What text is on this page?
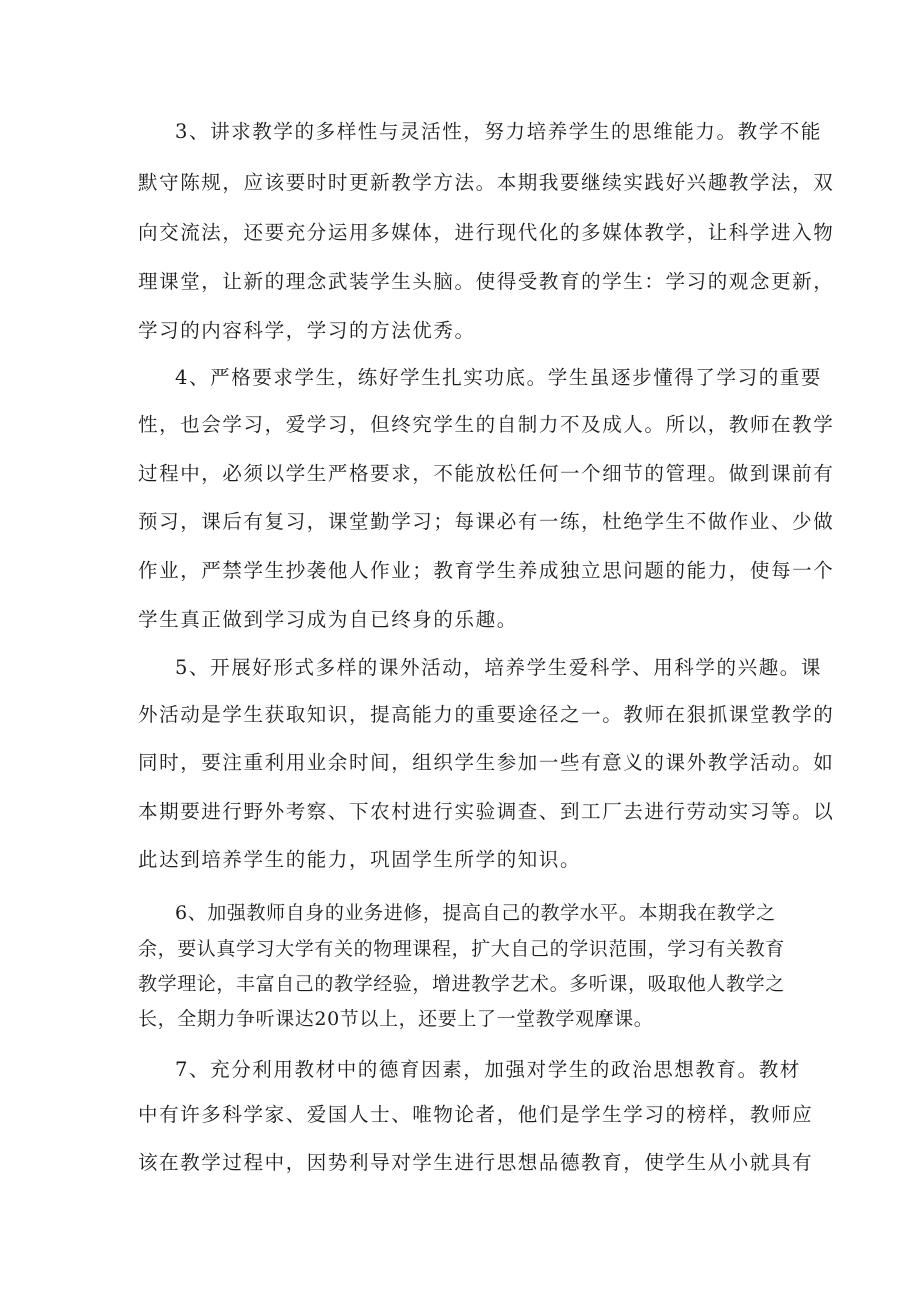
3、讲求教学的多样性与灵活性，努力培养学生的思维能力。教学不能

默守陈规，应该要时时更新教学方法。本期我要继续实践好兴趣教学法，双

向交流法，还要充分运用多媒体，进行现代化的多媒体教学，让科学进入物

理课堂，让新的理念武装学生头脑。使得受教育的学生：学习的观念更新，

学习的内容科学，学习的方法优秀。

4、严格要求学生，练好学生扎实功底。学生虽逐步懂得了学习的重要

性，也会学习，爱学习，但终究学生的自制力不及成人。所以，教师在教学

过程中，必须以学生严格要求，不能放松任何一个细节的管理。做到课前有

预习，课后有复习，课堂勤学习；每课必有一练，杜绝学生不做作业、少做

作业，严禁学生抄袭他人作业；教育学生养成独立思问题的能力，使每一个

学生真正做到学习成为自已终身的乐趣。

5、开展好形式多样的课外活动，培养学生爱科学、用科学的兴趣。课

外活动是学生获取知识，提高能力的重要途径之一。教师在狠抓课堂教学的

同时，要注重利用业余时间，组织学生参加一些有意义的课外教学活动。如

本期要进行野外考察、下农村进行实验调查、到工厂去进行劳动实习等。以

此达到培养学生的能力，巩固学生所学的知识。

6、加强教师自身的业务进修，提高自己的教学水平。本期我在教学之

余，要认真学习大学有关的物理课程，扩大自己的学识范围，学习有关教育

教学理论，丰富自己的教学经验，增进教学艺术。多听课，吸取他人教学之

长，全期力争听课达20节以上，还要上了一堂教学观摩课。

7、充分利用教材中的德育因素，加强对学生的政治思想教育。教材

中有许多科学家、爱国人士、唯物论者，他们是学生学习的榜样，教师应

该在教学过程中，因势利导对学生进行思想品德教育，使学生从小就具有
